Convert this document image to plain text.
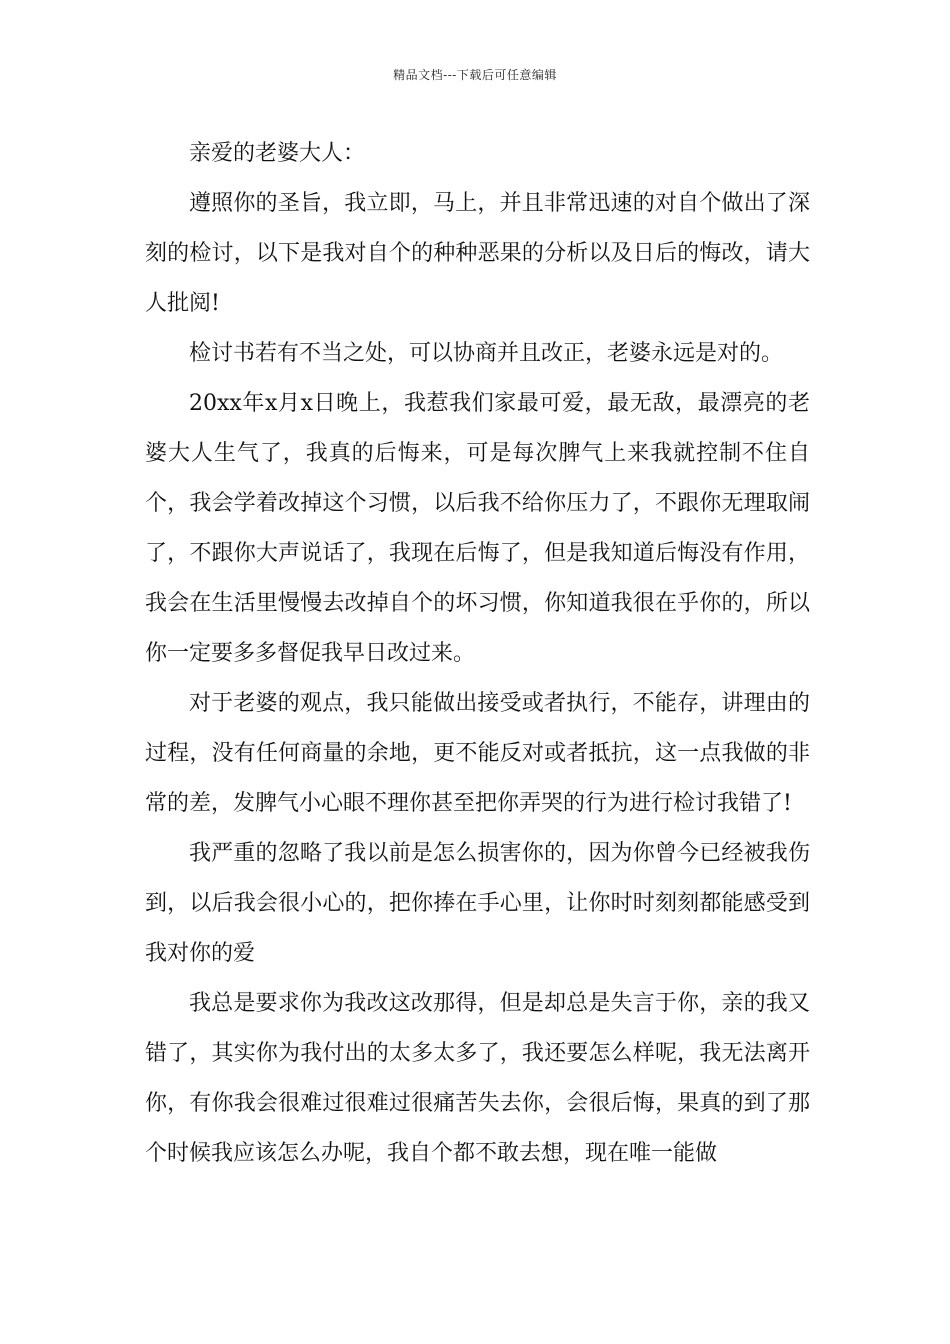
精品文档---下载后可任意编辑

亲爱的老婆大人：

遵照你的圣旨，我立即，马上，并且非常迅速的对自个做出了深刻的检讨，以下是我对自个的种种恶果的分析以及日后的悔改，请大人批阅!

检讨书若有不当之处，可以协商并且改正，老婆永远是对的。

20xx年x月x日晚上，我惹我们家最可爱，最无敌，最漂亮的老婆大人生气了，我真的后悔来，可是每次脾气上来我就控制不住自个，我会学着改掉这个习惯，以后我不给你压力了，不跟你无理取闹了，不跟你大声说话了，我现在后悔了，但是我知道后悔没有作用，我会在生活里慢慢去改掉自个的坏习惯，你知道我很在乎你的，所以你一定要多多督促我早日改过来。

对于老婆的观点，我只能做出接受或者执行，不能存，讲理由的过程，没有任何商量的余地，更不能反对或者抵抗，这一点我做的非常的差，发脾气小心眼不理你甚至把你弄哭的行为进行检讨我错了!

我严重的忽略了我以前是怎么损害你的，因为你曾今已经被我伤到，以后我会很小心的，把你捧在手心里，让你时时刻刻都能感受到我对你的爱

我总是要求你为我改这改那得，但是却总是失言于你，亲的我又错了，其实你为我付出的太多太多了，我还要怎么样呢，我无法离开你，有你我会很难过很难过很痛苦失去你，会很后悔，果真的到了那个时候我应该怎么办呢，我自个都不敢去想，现在唯一能做
